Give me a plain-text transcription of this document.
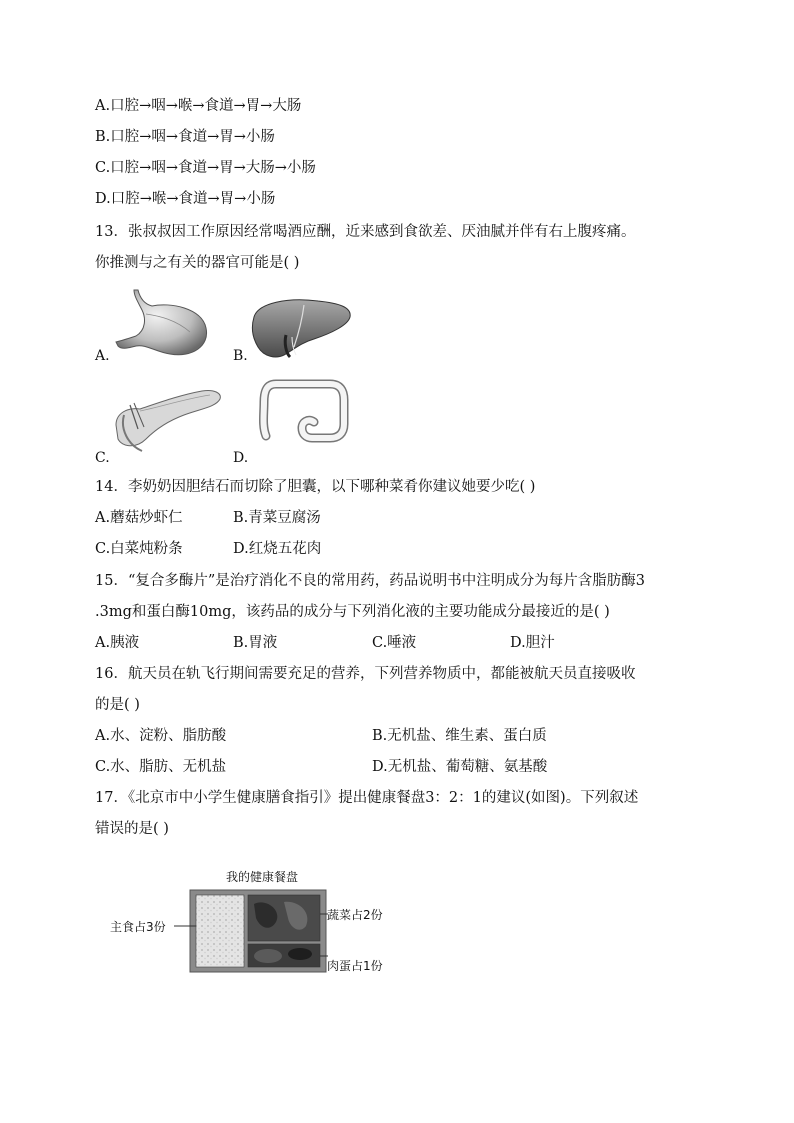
A.口腔→咽→喉→食道→胃→大肠
B.口腔→咽→食道→胃→小肠
C.口腔→咽→食道→胃→大肠→小肠
D.口腔→喉→食道→胃→小肠
13．张叔叔因工作原因经常喝酒应酬，近来感到食欲差、厌油腻并伴有右上腹疼痛。
你推测与之有关的器官可能是( )
A.	B.
C.	D.
14．李奶奶因胆结石而切除了胆囊，以下哪种菜肴你建议她要少吃( )
A.蘑菇炒虾仁	B.青菜豆腐汤
C.白菜炖粉条	D.红烧五花肉
15．“复合多酶片”是治疗消化不良的常用药，药品说明书中注明成分为每片含脂肪酶3
.3mg和蛋白酶10mg，该药品的成分与下列消化液的主要功能成分最接近的是( )
A.胰液	B.胃液	C.唾液	D.胆汁
16．航天员在轨飞行期间需要充足的营养，下列营养物质中，都能被航天员直接吸收
的是( )
A.水、淀粉、脂肪酸	B.无机盐、维生素、蛋白质
C.水、脂肪、无机盐	D.无机盐、葡萄糖、氨基酸
17．《北京市中小学生健康膳食指引》提出健康餐盘3：2：1的建议(如图)。下列叙述
错误的是( )
我的健康餐盘
主食占3份
蔬菜占2份
肉蛋占1份
